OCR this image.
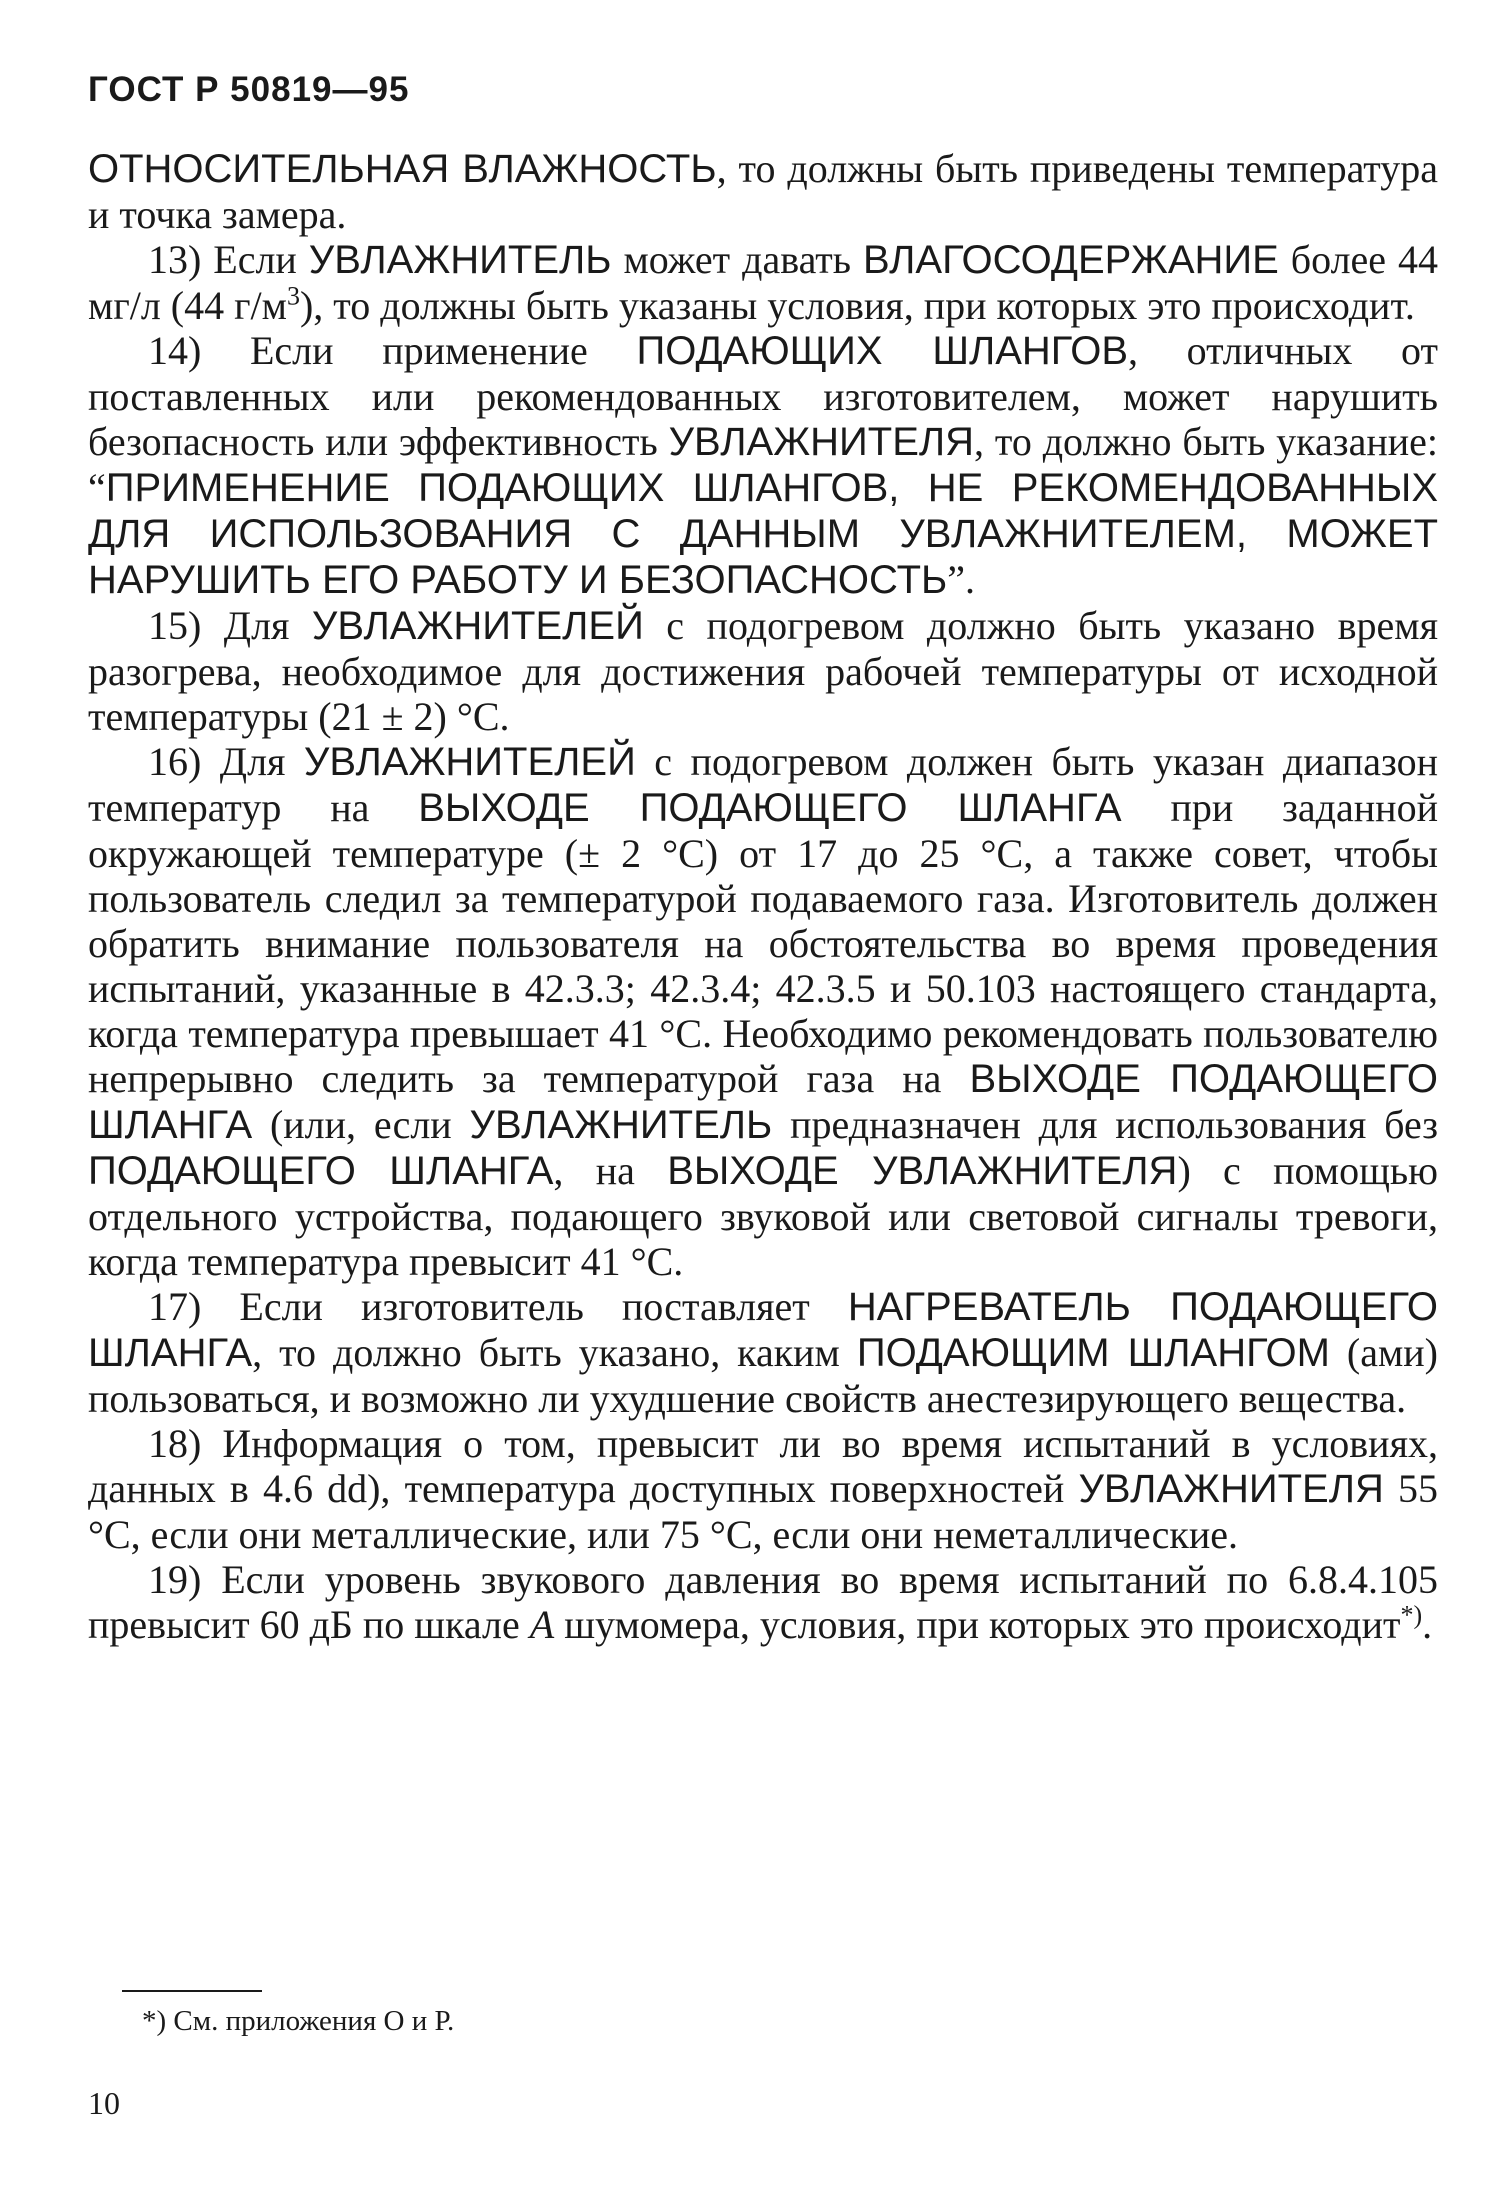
ГОСТ Р 50819—95

ОТНОСИТЕЛЬНАЯ ВЛАЖНОСТЬ, то должны быть приведены температура и точка замера.

13) Если УВЛАЖНИТЕЛЬ может давать ВЛАГОСОДЕРЖАНИЕ более 44 мг/л (44 $г/м^3$), то должны быть указаны условия, при которых это происходит.

14) Если применение ПОДАЮЩИХ ШЛАНГОВ, отличных от поставленных или рекомендованных изготовителем, может нарушить безопасность или эффективность УВЛАЖНИТЕЛЯ, то должно быть указание: “ПРИМЕНЕНИЕ ПОДАЮЩИХ ШЛАНГОВ, НЕ РЕКОМЕНДОВАННЫХ ДЛЯ ИСПОЛЬЗОВАНИЯ С ДАННЫМ УВЛАЖНИТЕЛЕМ, МОЖЕТ НАРУШИТЬ ЕГО РАБОТУ И БЕЗОПАСНОСТЬ”.

15) Для УВЛАЖНИТЕЛЕЙ с подогревом должно быть указано время разогрева, необходимое для достижения рабочей температуры от исходной температуры (21 ± 2) °С.

16) Для УВЛАЖНИТЕЛЕЙ с подогревом должен быть указан диапазон температур на ВЫХОДЕ ПОДАЮЩЕГО ШЛАНГА при заданной окружающей температуре (± 2 °С) от 17 до 25 °С, а также совет, чтобы пользователь следил за температурой подаваемого газа. Изготовитель должен обратить внимание пользователя на обстоятельства во время проведения испытаний, указанные в 42.3.3; 42.3.4; 42.3.5 и 50.103 настоящего стандарта, когда температура превышает 41 °С. Необходимо рекомендовать пользователю непрерывно следить за температурой газа на ВЫХОДЕ ПОДАЮЩЕГО ШЛАНГА (или, если УВЛАЖНИТЕЛЬ предназначен для использования без ПОДАЮЩЕГО ШЛАНГА, на ВЫХОДЕ УВЛАЖНИТЕЛЯ) с помощью отдельного устройства, подающего звуковой или световой сигналы тревоги, когда температура превысит 41 °С.

17) Если изготовитель поставляет НАГРЕВАТЕЛЬ ПОДАЮЩЕГО ШЛАНГА, то должно быть указано, каким ПОДАЮЩИМ ШЛАНГОМ (ами) пользоваться, и возможно ли ухудшение свойств анестезирующего вещества.

18) Информация о том, превысит ли во время испытаний в условиях, данных в 4.6 dd), температура доступных поверхностей УВЛАЖНИТЕЛЯ 55 °С, если они металлические, или 75 °С, если они неметаллические.

19) Если уровень звукового давления во время испытаний по 6.8.4.105 превысит 60 дБ по шкале А шумомера, условия, при которых это происходит*).

*) См. приложения О и Р.
10
